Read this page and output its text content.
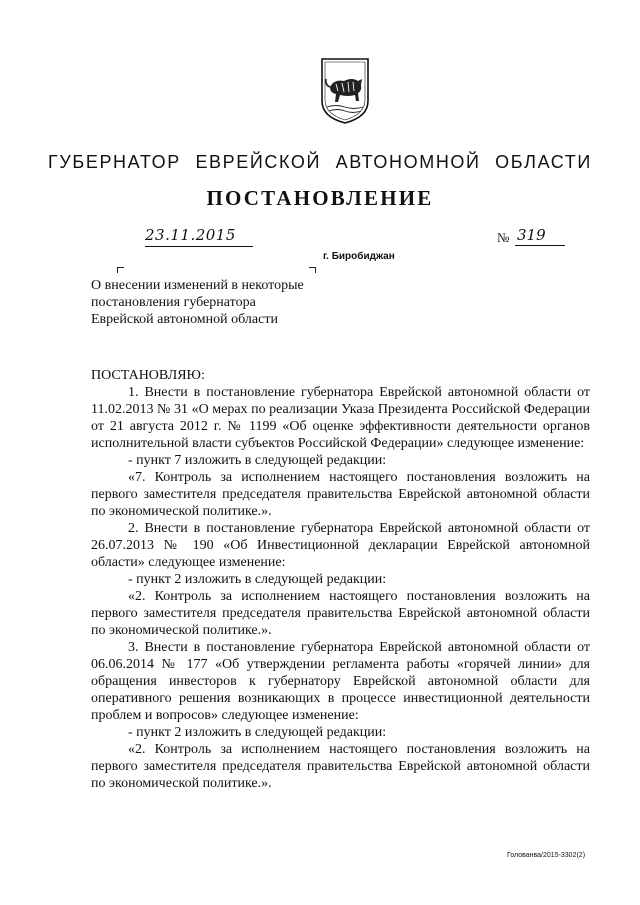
ГУБЕРНАТОР ЕВРЕЙСКОЙ АВТОНОМНОЙ ОБЛАСТИ
ПОСТАНОВЛЕНИЕ
23.11.2015	№ 319
г. Биробиджан
О внесении изменений в некоторые
постановления губернатора
Еврейской автономной области
ПОСТАНОВЛЯЮ:

1. Внести в постановление губернатора Еврейской автономной области от 11.02.2013 № 31 «О мерах по реализации Указа Президента Российской Федерации от 21 августа 2012 г. № 1199 «Об оценке эффективности деятельности органов исполнительной власти субъектов Российской Федерации» следующее изменение:

- пункт 7 изложить в следующей редакции:

«7. Контроль за исполнением настоящего постановления возложить на первого заместителя председателя правительства Еврейской автономной области по экономической политике.».

2. Внести в постановление губернатора Еврейской автономной области от 26.07.2013 № 190 «Об Инвестиционной декларации Еврейской автономной области» следующее изменение:

- пункт 2 изложить в следующей редакции:

«2. Контроль за исполнением настоящего постановления возложить на первого заместителя председателя правительства Еврейской автономной области по экономической политике.».

3. Внести в постановление губернатора Еврейской автономной области от 06.06.2014 № 177 «Об утверждении регламента работы «горячей линии» для обращения инвесторов к губернатору Еврейской автономной области для оперативного решения возникающих в процессе инвестиционной деятельности проблем и вопросов» следующее изменение:

- пункт 2 изложить в следующей редакции:

«2. Контроль за исполнением настоящего постановления возложить на первого заместителя председателя правительства Еврейской автономной области по экономической политике.».

Голованва/2015-3302(2)
